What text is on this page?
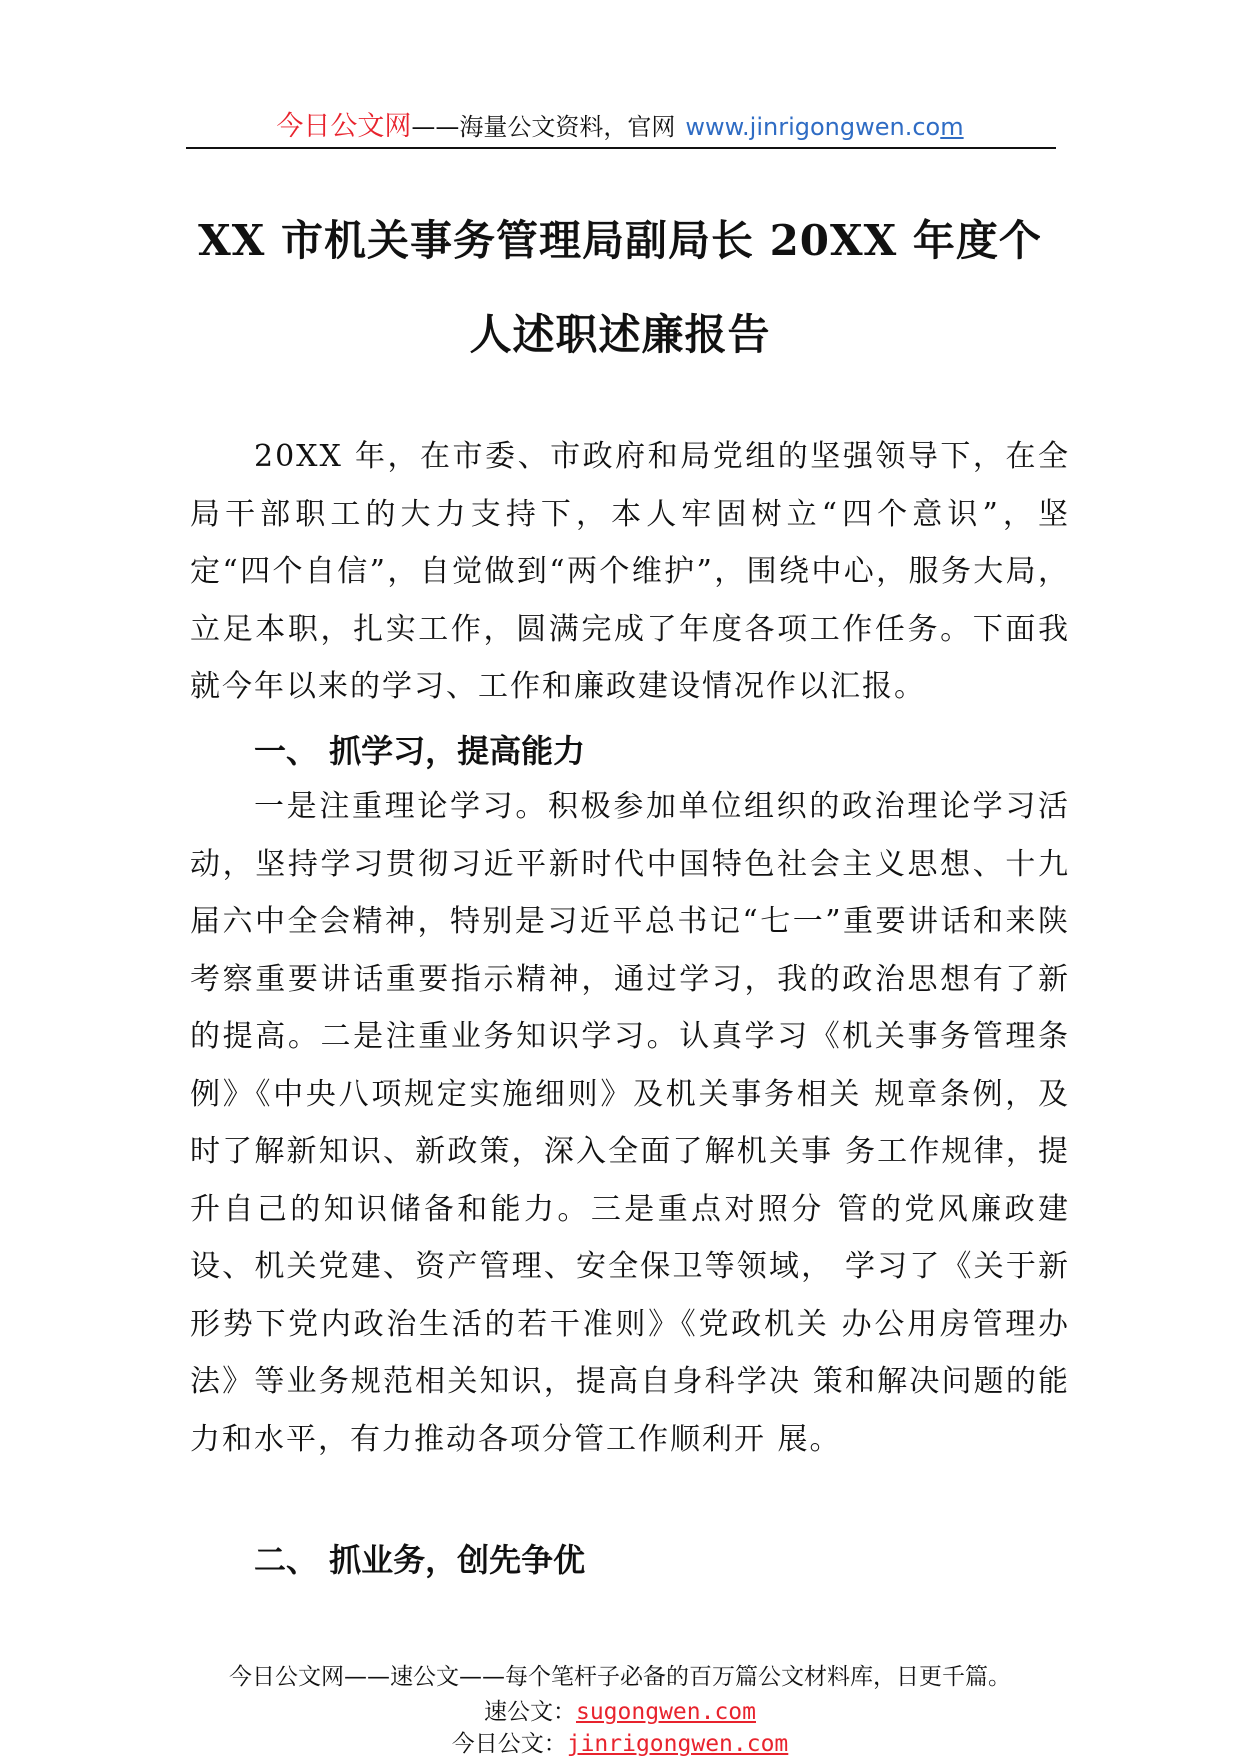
今日公文网——海量公文资料，官网 www.jinrigongwen.com
XX 市机关事务管理局副局长 20XX 年度个
人述职述廉报告

20XX 年，在市委、市政府和局党组的坚强领导下，在全局干部职工的大力支持下，本人牢固树立“四个意识”，坚定“四个自信”，自觉做到“两个维护”，围绕中心，服务大局，立足本职，扎实工作，圆满完成了年度各项工作任务。下面我就今年以来的学习、工作和廉政建设情况作以汇报。

一、 抓学习，提高能力

一是注重理论学习。积极参加单位组织的政治理论学习活动，坚持学习贯彻习近平新时代中国特色社会主义思想、十九届六中全会精神，特别是习近平总书记“七一”重要讲话和来陕考察重要讲话重要指示精神，通过学习，我的政治思想有了新的提高。二是注重业务知识学习。认真学习《机关事务管理条例》《中央八项规定实施细则》及机关事务相关 规章条例，及时了解新知识、新政策，深入全面了解机关事 务工作规律，提升自己的知识储备和能力。三是重点对照分 管的党风廉政建设、机关党建、资产管理、安全保卫等领域， 学习了《关于新形势下党内政治生活的若干准则》《党政机关 办公用房管理办法》等业务规范相关知识，提高自身科学决 策和解决问题的能力和水平，有力推动各项分管工作顺利开 展。

二、 抓业务，创先争优
今日公文网——速公文——每个笔杆子必备的百万篇公文材料库，日更千篇。
速公文：sugongwen.com
今日公文：jinrigongwen.com
